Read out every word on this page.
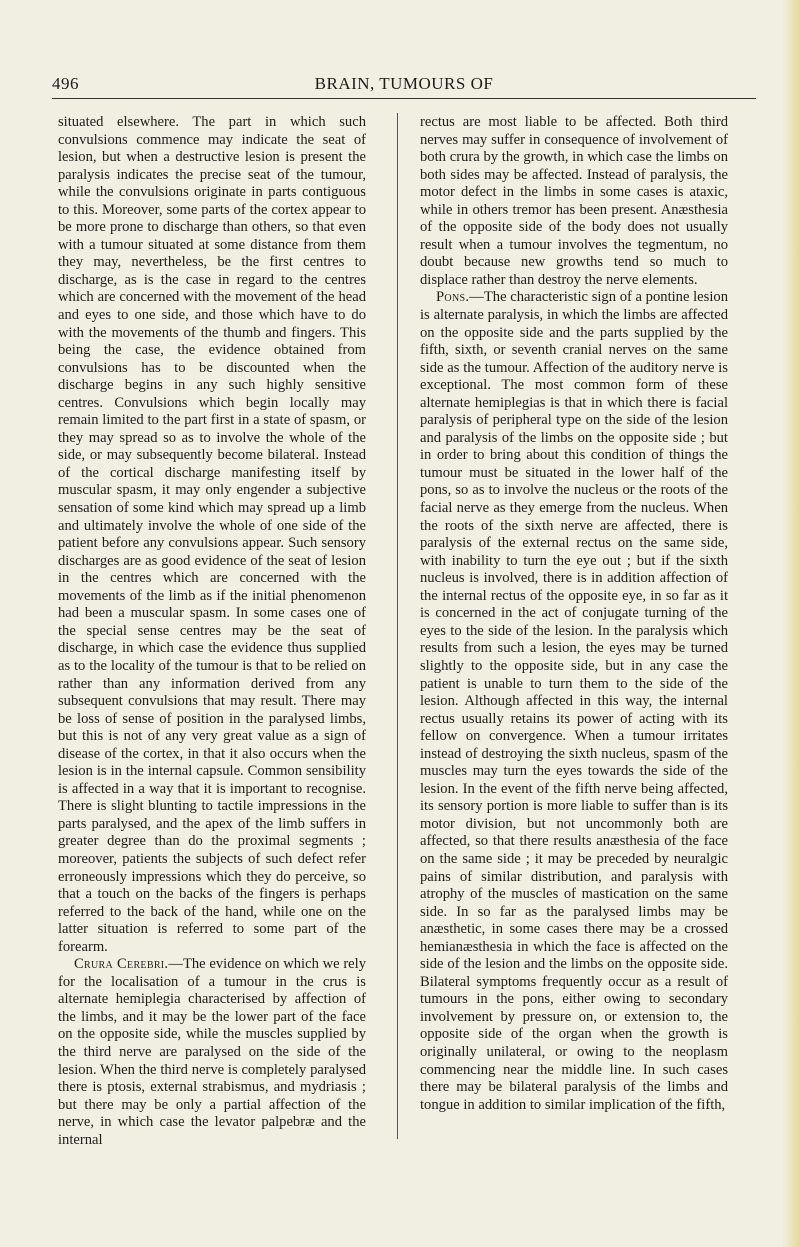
496	BRAIN, TUMOURS OF

situated elsewhere. The part in which such convulsions commence may indicate the seat of lesion, but when a destructive lesion is present the paralysis indicates the precise seat of the tumour, while the convulsions originate in parts contiguous to this. Moreover, some parts of the cortex appear to be more prone to discharge than others, so that even with a tumour situated at some distance from them they may, nevertheless, be the first centres to discharge, as is the case in regard to the centres which are concerned with the movement of the head and eyes to one side, and those which have to do with the movements of the thumb and fingers. This being the case, the evidence obtained from convulsions has to be discounted when the discharge begins in any such highly sensitive centres. Convulsions which begin locally may remain limited to the part first in a state of spasm, or they may spread so as to involve the whole of the side, or may subsequently become bilateral. Instead of the cortical discharge manifesting itself by muscular spasm, it may only engender a subjective sensation of some kind which may spread up a limb and ultimately involve the whole of one side of the patient before any convulsions appear. Such sensory discharges are as good evidence of the seat of lesion in the centres which are concerned with the movements of the limb as if the initial phenomenon had been a muscular spasm. In some cases one of the special sense centres may be the seat of discharge, in which case the evidence thus supplied as to the locality of the tumour is that to be relied on rather than any information derived from any subsequent convulsions that may result. There may be loss of sense of position in the paralysed limbs, but this is not of any very great value as a sign of disease of the cortex, in that it also occurs when the lesion is in the internal capsule. Common sensibility is affected in a way that it is important to recognise. There is slight blunting to tactile impressions in the parts paralysed, and the apex of the limb suffers in greater degree than do the proximal segments ; moreover, patients the subjects of such defect refer erroneously impressions which they do perceive, so that a touch on the backs of the fingers is perhaps referred to the back of the hand, while one on the latter situation is referred to some part of the forearm.

Crura Cerebri.—The evidence on which we rely for the localisation of a tumour in the crus is alternate hemiplegia characterised by affection of the limbs, and it may be the lower part of the face on the opposite side, while the muscles supplied by the third nerve are paralysed on the side of the lesion. When the third nerve is completely paralysed there is ptosis, external strabismus, and mydriasis ; but there may be only a partial affection of the nerve, in which case the levator palpebræ and the internal

rectus are most liable to be affected. Both third nerves may suffer in consequence of involvement of both crura by the growth, in which case the limbs on both sides may be affected. Instead of paralysis, the motor defect in the limbs in some cases is ataxic, while in others tremor has been present. Anæsthesia of the opposite side of the body does not usually result when a tumour involves the tegmentum, no doubt because new growths tend so much to displace rather than destroy the nerve elements.

Pons.—The characteristic sign of a pontine lesion is alternate paralysis, in which the limbs are affected on the opposite side and the parts supplied by the fifth, sixth, or seventh cranial nerves on the same side as the tumour. Affection of the auditory nerve is exceptional. The most common form of these alternate hemiplegias is that in which there is facial paralysis of peripheral type on the side of the lesion and paralysis of the limbs on the opposite side ; but in order to bring about this condition of things the tumour must be situated in the lower half of the pons, so as to involve the nucleus or the roots of the facial nerve as they emerge from the nucleus. When the roots of the sixth nerve are affected, there is paralysis of the external rectus on the same side, with inability to turn the eye out ; but if the sixth nucleus is involved, there is in addition affection of the internal rectus of the opposite eye, in so far as it is concerned in the act of conjugate turning of the eyes to the side of the lesion. In the paralysis which results from such a lesion, the eyes may be turned slightly to the opposite side, but in any case the patient is unable to turn them to the side of the lesion. Although affected in this way, the internal rectus usually retains its power of acting with its fellow on convergence. When a tumour irritates instead of destroying the sixth nucleus, spasm of the muscles may turn the eyes towards the side of the lesion. In the event of the fifth nerve being affected, its sensory portion is more liable to suffer than is its motor division, but not uncommonly both are affected, so that there results anæsthesia of the face on the same side ; it may be preceded by neuralgic pains of similar distribution, and paralysis with atrophy of the muscles of mastication on the same side. In so far as the paralysed limbs may be anæsthetic, in some cases there may be a crossed hemianæsthesia in which the face is affected on the side of the lesion and the limbs on the opposite side. Bilateral symptoms frequently occur as a result of tumours in the pons, either owing to secondary involvement by pressure on, or extension to, the opposite side of the organ when the growth is originally unilateral, or owing to the neoplasm commencing near the middle line. In such cases there may be bilateral paralysis of the limbs and tongue in addition to similar implication of the fifth,
